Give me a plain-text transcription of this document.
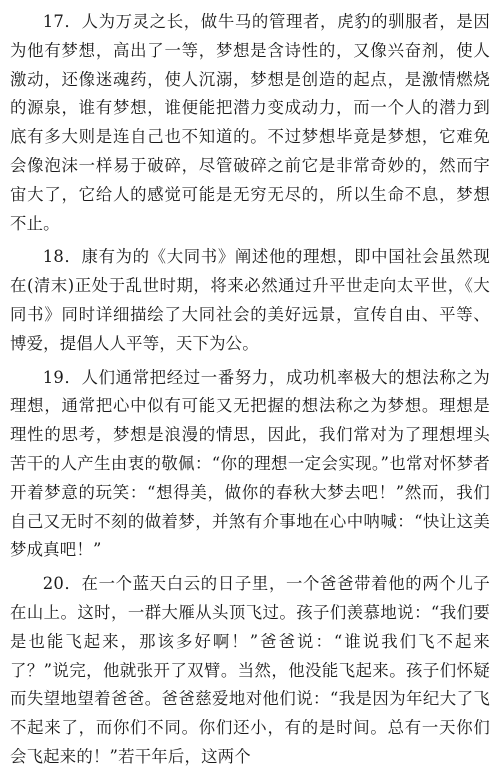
17．人为万灵之长，做牛马的管理者，虎豹的驯服者，是因为他有梦想，高出了一等，梦想是含诗性的，又像兴奋剂，使人激动，还像迷魂药，使人沉溺，梦想是创造的起点，是激情燃烧的源泉，谁有梦想，谁便能把潜力变成动力，而一个人的潜力到底有多大则是连自己也不知道的。不过梦想毕竟是梦想，它难免会像泡沫一样易于破碎，尽管破碎之前它是非常奇妙的，然而宇宙大了，它给人的感觉可能是无穷无尽的，所以生命不息，梦想不止。

18．康有为的《大同书》阐述他的理想，即中国社会虽然现在(清末)正处于乱世时期，将来必然通过升平世走向太平世，《大同书》同时详细描绘了大同社会的美好远景，宣传自由、平等、博爱，提倡人人平等，天下为公。

19．人们通常把经过一番努力，成功机率极大的想法称之为理想，通常把心中似有可能又无把握的想法称之为梦想。理想是理性的思考，梦想是浪漫的情思，因此，我们常对为了理想埋头苦干的人产生由衷的敬佩：“你的理想一定会实现。”也常对怀梦者开着梦意的玩笑：“想得美，做你的春秋大梦去吧！”然而，我们自己又无时不刻的做着梦，并煞有介事地在心中呐喊：“快让这美梦成真吧！”

20．在一个蓝天白云的日子里，一个爸爸带着他的两个儿子在山上。这时，一群大雁从头顶飞过。孩子们羡慕地说：“我们要是也能飞起来，那该多好啊！”爸爸说：“谁说我们飞不起来了？”说完，他就张开了双臂。当然，他没能飞起来。孩子们怀疑而失望地望着爸爸。爸爸慈爱地对他们说：“我是因为年纪大了飞不起来了，而你们不同。你们还小，有的是时间。总有一天你们会飞起来的！”若干年后，这两个
